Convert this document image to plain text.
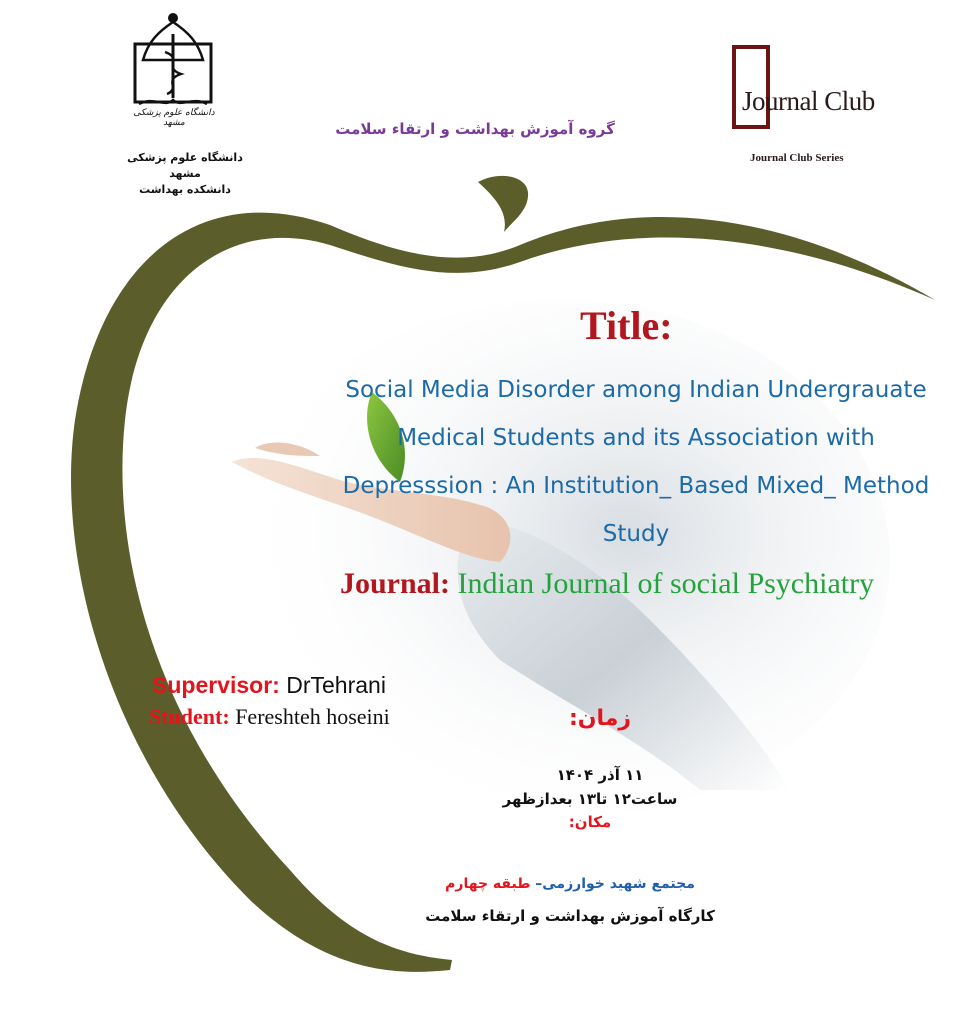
دانشگاه علوم پزشکی مشهد
دانشگاه علوم پزشکی مشهد
دانشکده بهداشت
گروه آموزش بهداشت و ارتقاء سلامت
Journal Club
Journal Club Series
Title:
Social Media Disorder among Indian Undergrauate Medical Students and its Association with Depresssion : An Institution_ Based Mixed_ Method Study
Journal: Indian Journal of social Psychiatry
Supervisor: DrTehrani
Student: Fereshteh hoseini	زمان:
۱۱ آذر ۱۴۰۴
ساعت۱۲ تا۱۳ بعدازظهر
مکان:
مجتمع شهید خوارزمی– طبقه چهارم
کارگاه آموزش بهداشت و ارتقاء سلامت
